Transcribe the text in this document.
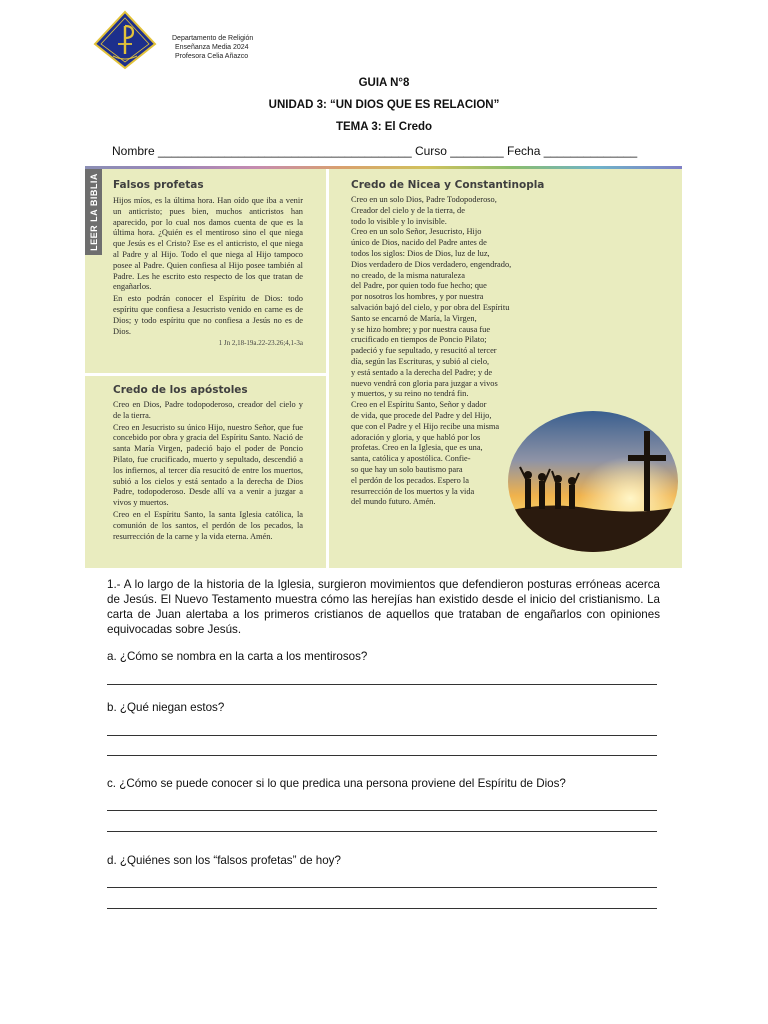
Departamento de Religión
Enseñanza Media 2024
Profesora Celia Añazco
GUIA N°8
UNIDAD 3: “UN DIOS QUE ES RELACION”
TEMA 3: El Credo
Nombre ______________________________________ Curso ________ Fecha ______________
LEER LA BIBLIA Falsos profetas

Hijos míos, es la última hora. Han oído que iba a venir un anticristo; pues bien, muchos anticristos han aparecido, por lo cual nos damos cuenta de que es la última hora. ¿Quién es el mentiroso sino el que niega que Jesús es el Cristo? Ese es el anticristo, el que niega al Padre y al Hijo. Todo el que niega al Hijo tampoco posee al Padre. Quien confiesa al Hijo posee también al Padre. Les he escrito esto respecto de los que tratan de engañarlos.

En esto podrán conocer el Espíritu de Dios: todo espíritu que confiesa a Jesucristo venido en carne es de Dios; y todo espíritu que no confiesa a Jesús no es de Dios.

1 Jn 2,18-19a.22-23.26;4,1-3a
Credo de los apóstoles

Creo en Dios, Padre todopoderoso, creador del cielo y de la tierra.

Creo en Jesucristo su único Hijo, nuestro Señor, que fue concebido por obra y gracia del Espíritu Santo. Nació de santa María Virgen, padeció bajo el poder de Poncio Pilato, fue crucificado, muerto y sepultado, descendió a los infiernos, al tercer día resucitó de entre los muertos, subió a los cielos y está sentado a la derecha de Dios Padre, todopoderoso. Desde allí va a venir a juzgar a vivos y muertos.

Creo en el Espíritu Santo, la santa Iglesia católica, la comunión de los santos, el perdón de los pecados, la resurrección de la carne y la vida eterna. Amén.

Credo de Nicea y Constantinopla
Creo en un solo Dios, Padre Todopoderoso,
Creador del cielo y de la tierra, de
todo lo visible y lo invisible.
Creo en un solo Señor, Jesucristo, Hijo
único de Dios, nacido del Padre antes de
todos los siglos: Dios de Dios, luz de luz,
Dios verdadero de Dios verdadero, engendrado,
no creado, de la misma naturaleza
del Padre, por quien todo fue hecho; que
por nosotros los hombres, y por nuestra
salvación bajó del cielo, y por obra del Espíritu
Santo se encarnó de María, la Virgen,
y se hizo hombre; y por nuestra causa fue
crucificado en tiempos de Poncio Pilato;
padeció y fue sepultado, y resucitó al tercer
día, según las Escrituras, y subió al cielo,
y está sentado a la derecha del Padre; y de
nuevo vendrá con gloria para juzgar a vivos
y muertos, y su reino no tendrá fin.
Creo en el Espíritu Santo, Señor y dador
de vida, que procede del Padre y del Hijo,
que con el Padre y el Hijo recibe una misma
adoración y gloria, y que habló por los
profetas. Creo en la Iglesia, que es una,
santa, católica y apostólica. Confie-
so que hay un solo bautismo para
el perdón de los pecados. Espero la
resurrección de los muertos y la vida
del mundo futuro. Amén.
1.- A lo largo de la historia de la Iglesia, surgieron movimientos que defendieron posturas erróneas acerca de Jesús. El Nuevo Testamento muestra cómo las herejías han existido desde el inicio del cristianismo. La carta de Juan alertaba a los primeros cristianos de aquellos que trataban de engañarlos con opiniones equivocadas sobre Jesús.
a. ¿Cómo se nombra en la carta a los mentirosos?
b. ¿Qué niegan estos?
c. ¿Cómo se puede conocer si lo que predica una persona proviene del Espíritu de Dios?
d. ¿Quiénes son los “falsos profetas” de hoy?
